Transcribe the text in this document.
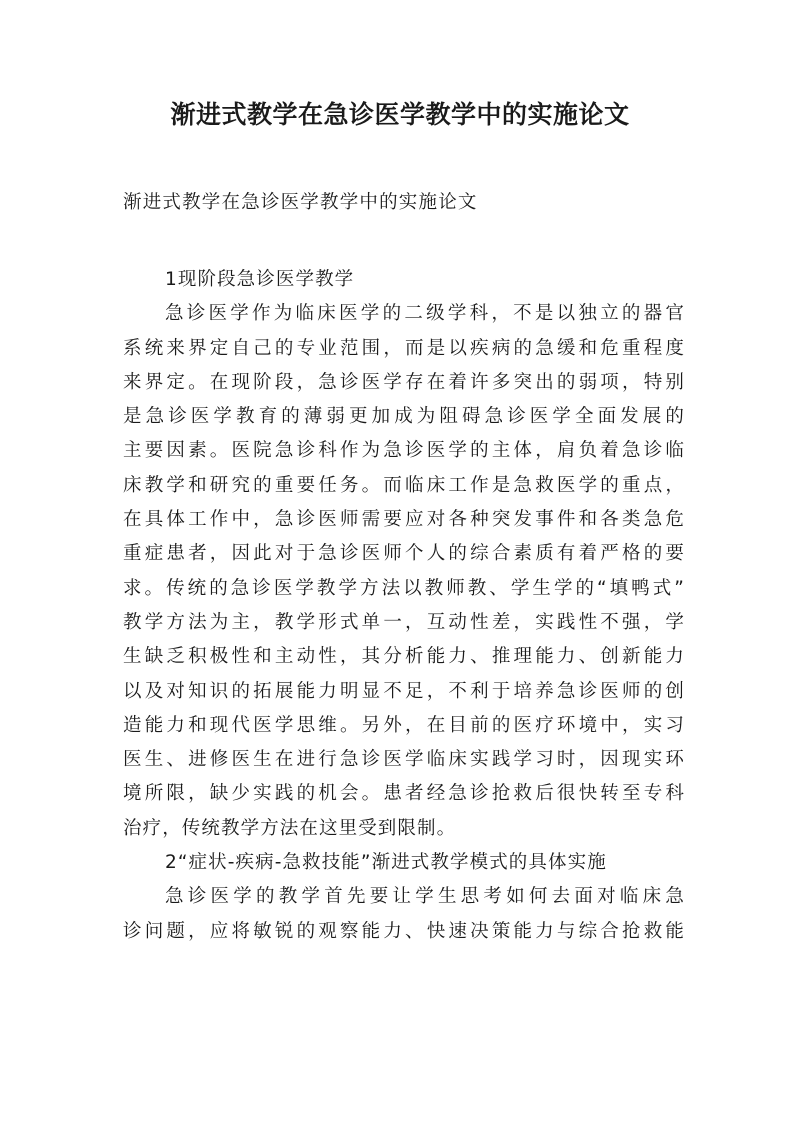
渐进式教学在急诊医学教学中的实施论文
渐进式教学在急诊医学教学中的实施论文
1现阶段急诊医学教学
急诊医学作为临床医学的二级学科，不是以独立的器官
系统来界定自己的专业范围，而是以疾病的急缓和危重程度
来界定。在现阶段，急诊医学存在着许多突出的弱项，特别
是急诊医学教育的薄弱更加成为阻碍急诊医学全面发展的
主要因素。医院急诊科作为急诊医学的主体，肩负着急诊临
床教学和研究的重要任务。而临床工作是急救医学的重点，
在具体工作中，急诊医师需要应对各种突发事件和各类急危
重症患者，因此对于急诊医师个人的综合素质有着严格的要
求。传统的急诊医学教学方法以教师教、学生学的“填鸭式”
教学方法为主，教学形式单一，互动性差，实践性不强，学
生缺乏积极性和主动性，其分析能力、推理能力、创新能力
以及对知识的拓展能力明显不足，不利于培养急诊医师的创
造能力和现代医学思维。另外，在目前的医疗环境中，实习
医生、进修医生在进行急诊医学临床实践学习时，因现实环
境所限，缺少实践的机会。患者经急诊抢救后很快转至专科
治疗，传统教学方法在这里受到限制。
2“症状-疾病-急救技能”渐进式教学模式的具体实施
急诊医学的教学首先要让学生思考如何去面对临床急
诊问题，应将敏锐的观察能力、快速决策能力与综合抢救能
